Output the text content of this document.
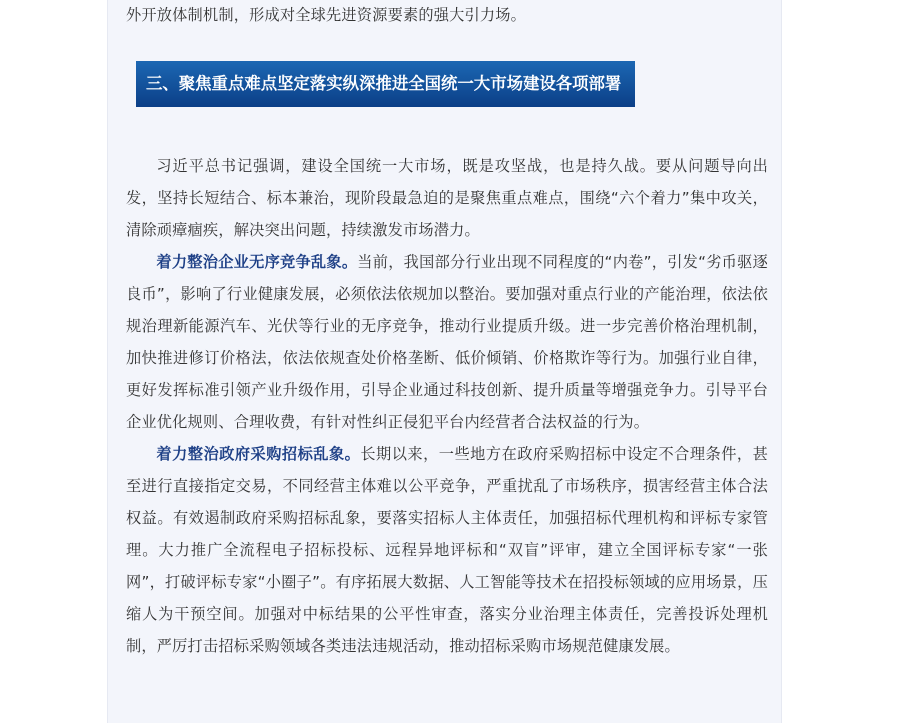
外开放体制机制，形成对全球先进资源要素的强大引力场。
三、聚焦重点难点坚定落实纵深推进全国统一大市场建设各项部署

习近平总书记强调，建设全国统一大市场，既是攻坚战，也是持久战。要从问题导向出发，坚持长短结合、标本兼治，现阶段最急迫的是聚焦重点难点，围绕“六个着力”集中攻关，清除顽瘴痼疾，解决突出问题，持续激发市场潜力。

着力整治企业无序竞争乱象。当前，我国部分行业出现不同程度的“内卷”，引发“劣币驱逐良币”，影响了行业健康发展，必须依法依规加以整治。要加强对重点行业的产能治理，依法依规治理新能源汽车、光伏等行业的无序竞争，推动行业提质升级。进一步完善价格治理机制，加快推进修订价格法，依法依规查处价格垄断、低价倾销、价格欺诈等行为。加强行业自律，更好发挥标准引领产业升级作用，引导企业通过科技创新、提升质量等增强竞争力。引导平台企业优化规则、合理收费，有针对性纠正侵犯平台内经营者合法权益的行为。

着力整治政府采购招标乱象。长期以来，一些地方在政府采购招标中设定不合理条件，甚至进行直接指定交易，不同经营主体难以公平竞争，严重扰乱了市场秩序，损害经营主体合法权益。有效遏制政府采购招标乱象，要落实招标人主体责任，加强招标代理机构和评标专家管理。大力推广全流程电子招标投标、远程异地评标和“双盲”评审，建立全国评标专家“一张网”，打破评标专家“小圈子”。有序拓展大数据、人工智能等技术在招投标领域的应用场景，压缩人为干预空间。加强对中标结果的公平性审查，落实分业治理主体责任，完善投诉处理机制，严厉打击招标采购领域各类违法违规活动，推动招标采购市场规范健康发展。
